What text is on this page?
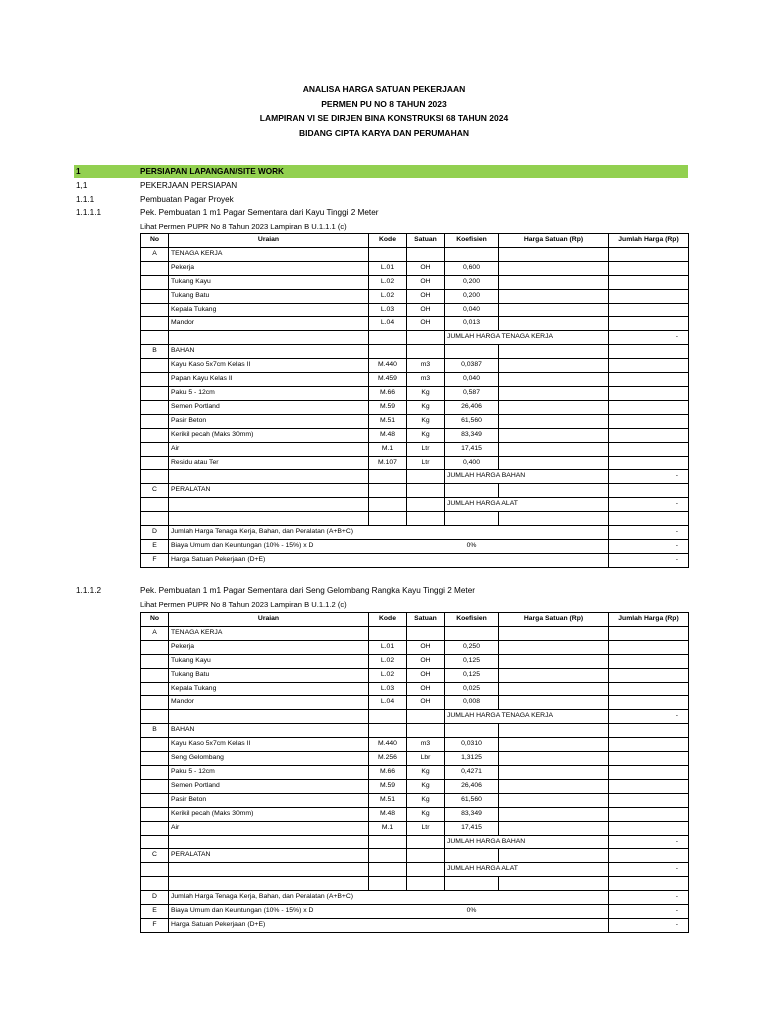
ANALISA HARGA SATUAN PEKERJAAN
PERMEN PU NO 8 TAHUN 2023
LAMPIRAN VI SE DIRJEN BINA KONSTRUKSI 68 TAHUN 2024
BIDANG CIPTA KARYA DAN PERUMAHAN
1	PERSIAPAN LAPANGAN/SITE WORK
1,1	PEKERJAAN PERSIAPAN
1.1.1	Pembuatan Pagar Proyek
1.1.1.1	Pek. Pembuatan 1 m1 Pagar Sementara dari Kayu Tinggi 2 Meter
Lihat Permen PUPR No 8 Tahun 2023 Lampiran B U.1.1.1 (c)
No	Uraian	Kode	Satuan	Koefisien	Harga Satuan (Rp)	Jumlah Harga (Rp)
A	TENAGA KERJA					
	Pekerja	L.01	OH	0,600		
	Tukang Kayu	L.02	OH	0,200		
	Tukang Batu	L.02	OH	0,200		
	Kepala Tukang	L.03	OH	0,040		
	Mandor	L.04	OH	0,013		
				JUMLAH HARGA TENAGA KERJA		-
B	BAHAN					
	Kayu Kaso 5x7cm Kelas II	M.440	m3	0,0387		
	Papan Kayu Kelas II	M.459	m3	0,040		
	Paku 5 - 12cm	M.66	Kg	0,587		
	Semen Portland	M.59	Kg	26,406		
	Pasir Beton	M.51	Kg	61,560		
	Kerikil pecah (Maks 30mm)	M.48	Kg	83,349		
	Air	M.1	Ltr	17,415		
	Residu atau Ter	M.107	Ltr	0,400		
				JUMLAH HARGA BAHAN		-
C	PERALATAN					
				JUMLAH HARGA ALAT		-

D	Jumlah Harga Tenaga Kerja, Bahan, dan Peralatan (A+B+C)					-
E	Biaya Umum dan Keuntungan (10% - 15%) x D			0%		-
F	Harga Satuan Pekerjaan (D+E)					-
1.1.1.2	Pek. Pembuatan 1 m1 Pagar Sementara dari Seng Gelombang Rangka Kayu Tinggi 2 Meter
Lihat Permen PUPR No 8 Tahun 2023 Lampiran B U.1.1.2 (c)
No	Uraian	Kode	Satuan	Koefisien	Harga Satuan (Rp)	Jumlah Harga (Rp)
A	TENAGA KERJA					
	Pekerja	L.01	OH	0,250		
	Tukang Kayu	L.02	OH	0,125		
	Tukang Batu	L.02	OH	0,125		
	Kepala Tukang	L.03	OH	0,025		
	Mandor	L.04	OH	0,008		
				JUMLAH HARGA TENAGA KERJA		-
B	BAHAN					
	Kayu Kaso 5x7cm Kelas II	M.440	m3	0,0310		
	Seng Gelombang	M.256	Lbr	1,3125		
	Paku 5 - 12cm	M.66	Kg	0,4271		
	Semen Portland	M.59	Kg	26,406		
	Pasir Beton	M.51	Kg	61,560		
	Kerikil pecah (Maks 30mm)	M.48	Kg	83,349		
	Air	M.1	Ltr	17,415		
				JUMLAH HARGA BAHAN		-
C	PERALATAN					
				JUMLAH HARGA ALAT		-

D	Jumlah Harga Tenaga Kerja, Bahan, dan Peralatan (A+B+C)					-
E	Biaya Umum dan Keuntungan (10% - 15%) x D			0%		-
F	Harga Satuan Pekerjaan (D+E)					-
